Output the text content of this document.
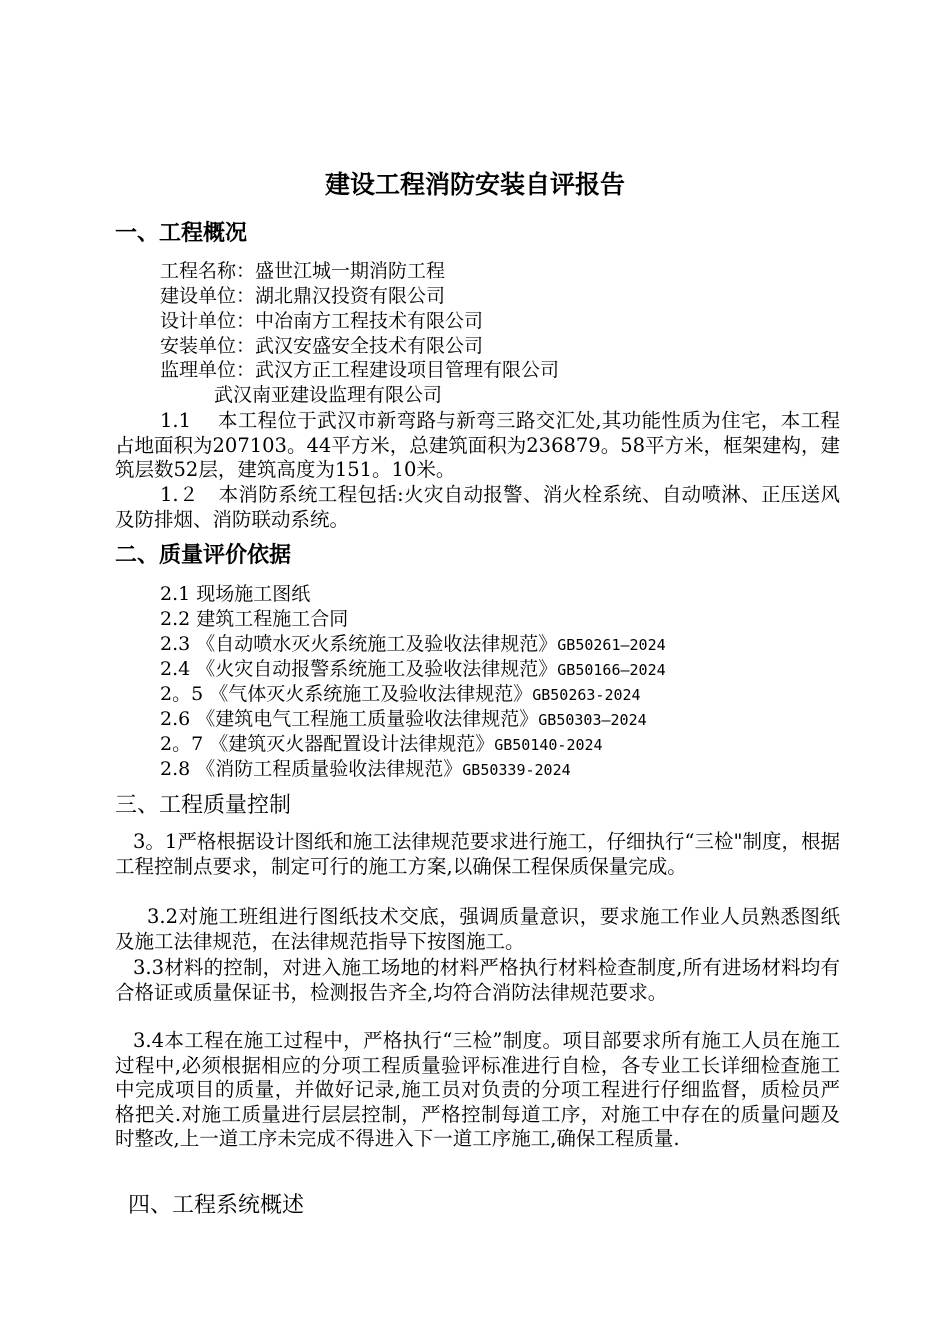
建设工程消防安装自评报告
一、工程概况
工程名称：盛世江城一期消防工程
建设单位：湖北鼎汉投资有限公司
设计单位：中冶南方工程技术有限公司
安装单位：武汉安盛安全技术有限公司
监理单位：武汉方正工程建设项目管理有限公司
武汉南亚建设监理有限公司

1.1　 本工程位于武汉市新弯路与新弯三路交汇处,其功能性质为住宅，本工程占地面积为207103。44平方米，总建筑面积为236879。58平方米，框架建构，建筑层数52层，建筑高度为151。10米。

1.２　本消防系统工程包括:火灾自动报警、消火栓系统、自动喷淋、正压送风及防排烟、消防联动系统。

二、质量评价依据
2.1 现场施工图纸
2.2 建筑工程施工合同
2.3 《自动喷水灭火系统施工及验收法律规范》GB50261—2024
2.4 《火灾自动报警系统施工及验收法律规范》GB50166—2024
2。5 《气体灭火系统施工及验收法律规范》GB50263-2024
2.6 《建筑电气工程施工质量验收法律规范》GB50303—2024
2。7 《建筑灭火器配置设计法律规范》GB50140-2024
2.8 《消防工程质量验收法律规范》GB50339-2024
三、工程质量控制

3。1严格根据设计图纸和施工法律规范要求进行施工，仔细执行“三检"制度，根据工程控制点要求，制定可行的施工方案,以确保工程保质保量完成。

3.2对施工班组进行图纸技术交底，强调质量意识，要求施工作业人员熟悉图纸及施工法律规范，在法律规范指导下按图施工。

3.3材料的控制，对进入施工场地的材料严格执行材料检查制度,所有进场材料均有合格证或质量保证书，检测报告齐全,均符合消防法律规范要求。

3.4本工程在施工过程中，严格执行“三检”制度。项目部要求所有施工人员在施工过程中,必须根据相应的分项工程质量验评标准进行自检，各专业工长详细检查施工中完成项目的质量，并做好记录,施工员对负责的分项工程进行仔细监督，质检员严格把关.对施工质量进行层层控制，严格控制每道工序，对施工中存在的质量问题及时整改,上一道工序未完成不得进入下一道工序施工,确保工程质量.

四、工程系统概述
